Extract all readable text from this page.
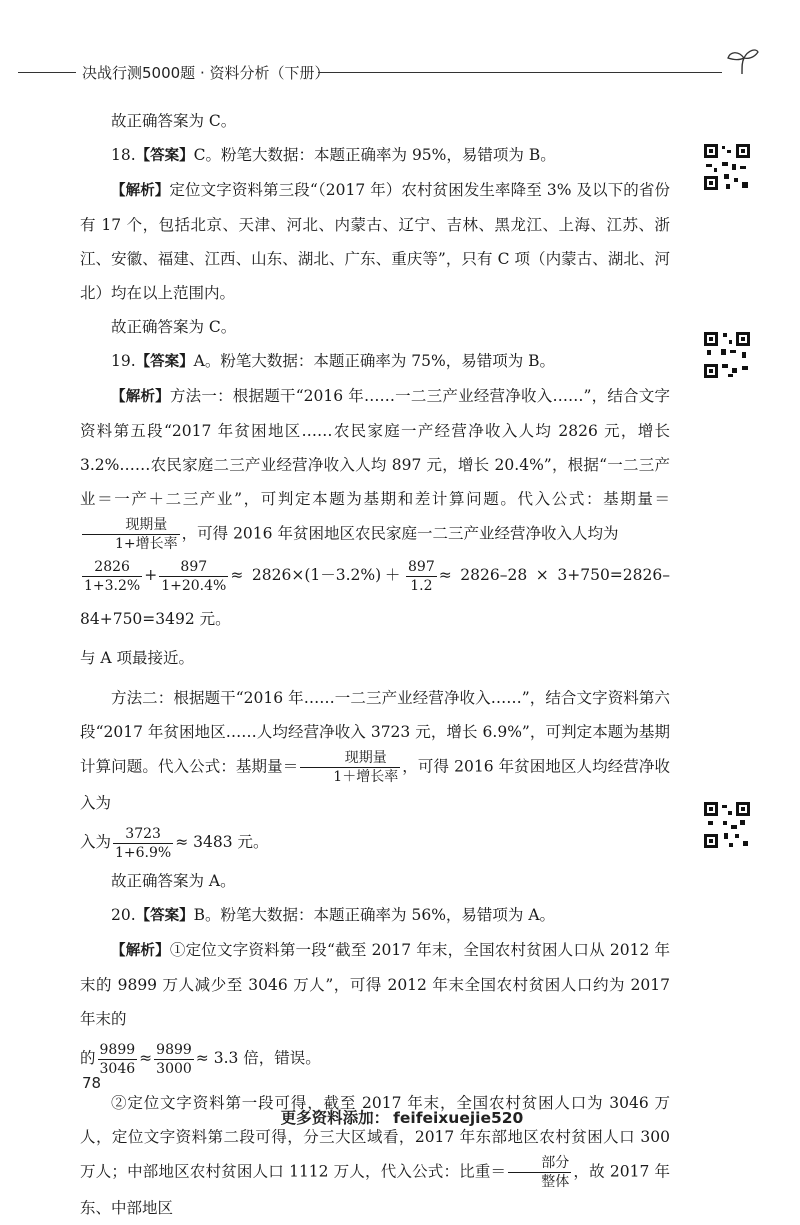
决战行测5000题 · 资料分析（下册）
故正确答案为 C。
18.【答案】C。粉笔大数据：本题正确率为 95%，易错项为 B。
【解析】定位文字资料第三段“（2017 年）农村贫困发生率降至 3% 及以下的省份有 17 个，包括北京、天津、河北、内蒙古、辽宁、吉林、黑龙江、上海、江苏、浙江、安徽、福建、江西、山东、湖北、广东、重庆等”，只有 C 项（内蒙古、湖北、河北）均在以上范围内。
故正确答案为 C。
19.【答案】A。粉笔大数据：本题正确率为 75%，易错项为 B。
【解析】方法一：根据题干“2016 年……一二三产业经营净收入……”，结合文字资料第五段“2017 年贫困地区……农民家庭一产经营净收入人均 2826 元，增长 3.2%……农民家庭二三产业经营净收入人均 897 元，增长 20.4%”，根据“一二三产业＝一产＋二三产业”，可判定本题为基期和差计算问题。代入公式：基期量＝
$\frac{\text{现期量}}{\text{1+增长率}}$ ，可得 2016 年贫困地区农民家庭一二三产业经营净收入人均为
$\frac{2826}{1+3.2\%} + \frac{897}{1+20.4\%} \approx 2826\times(1-3.2\%)+ \frac{897}{1.2} \approx 2826-28 \times 3+750=2826-84+750=3492$ 元。
与 A 项最接近。
方法二：根据题干“2016 年……一二三产业经营净收入……”，结合文字资料第六段“2017 年贫困地区……人均经营净收入 3723 元，增长 6.9%”，可判定本题为基期计算问题。代入公式：基期量＝ $\frac{\text{现期量}}{\text{1＋增长率}}$ ，可得 2016 年贫困地区人均经营净收入为
入为 $\frac{3723}{1+6.9\%} \approx 3483$ 元。
故正确答案为 A。
20.【答案】B。粉笔大数据：本题正确率为 56%，易错项为 A。
【解析】①定位文字资料第一段“截至 2017 年末，全国农村贫困人口从 2012 年末的 9899 万人减少至 3046 万人”，可得 2012 年末全国农村贫困人口约为 2017 年末的
的 $\frac{9899}{3046} \approx \frac{9899}{3000} \approx 3.3$ 倍，错误。
②定位文字资料第一段可得，截至 2017 年末，全国农村贫困人口为 3046 万人，定位文字资料第二段可得，分三大区域看，2017 年东部地区农村贫困人口 300 万人；中部地区农村贫困人口 1112 万人，代入公式：比重＝ $\frac{\text{部分}}{\text{整体}}$ ，故 2017 年东、中部地区
78
更多资料添加： feifeixuejie520
